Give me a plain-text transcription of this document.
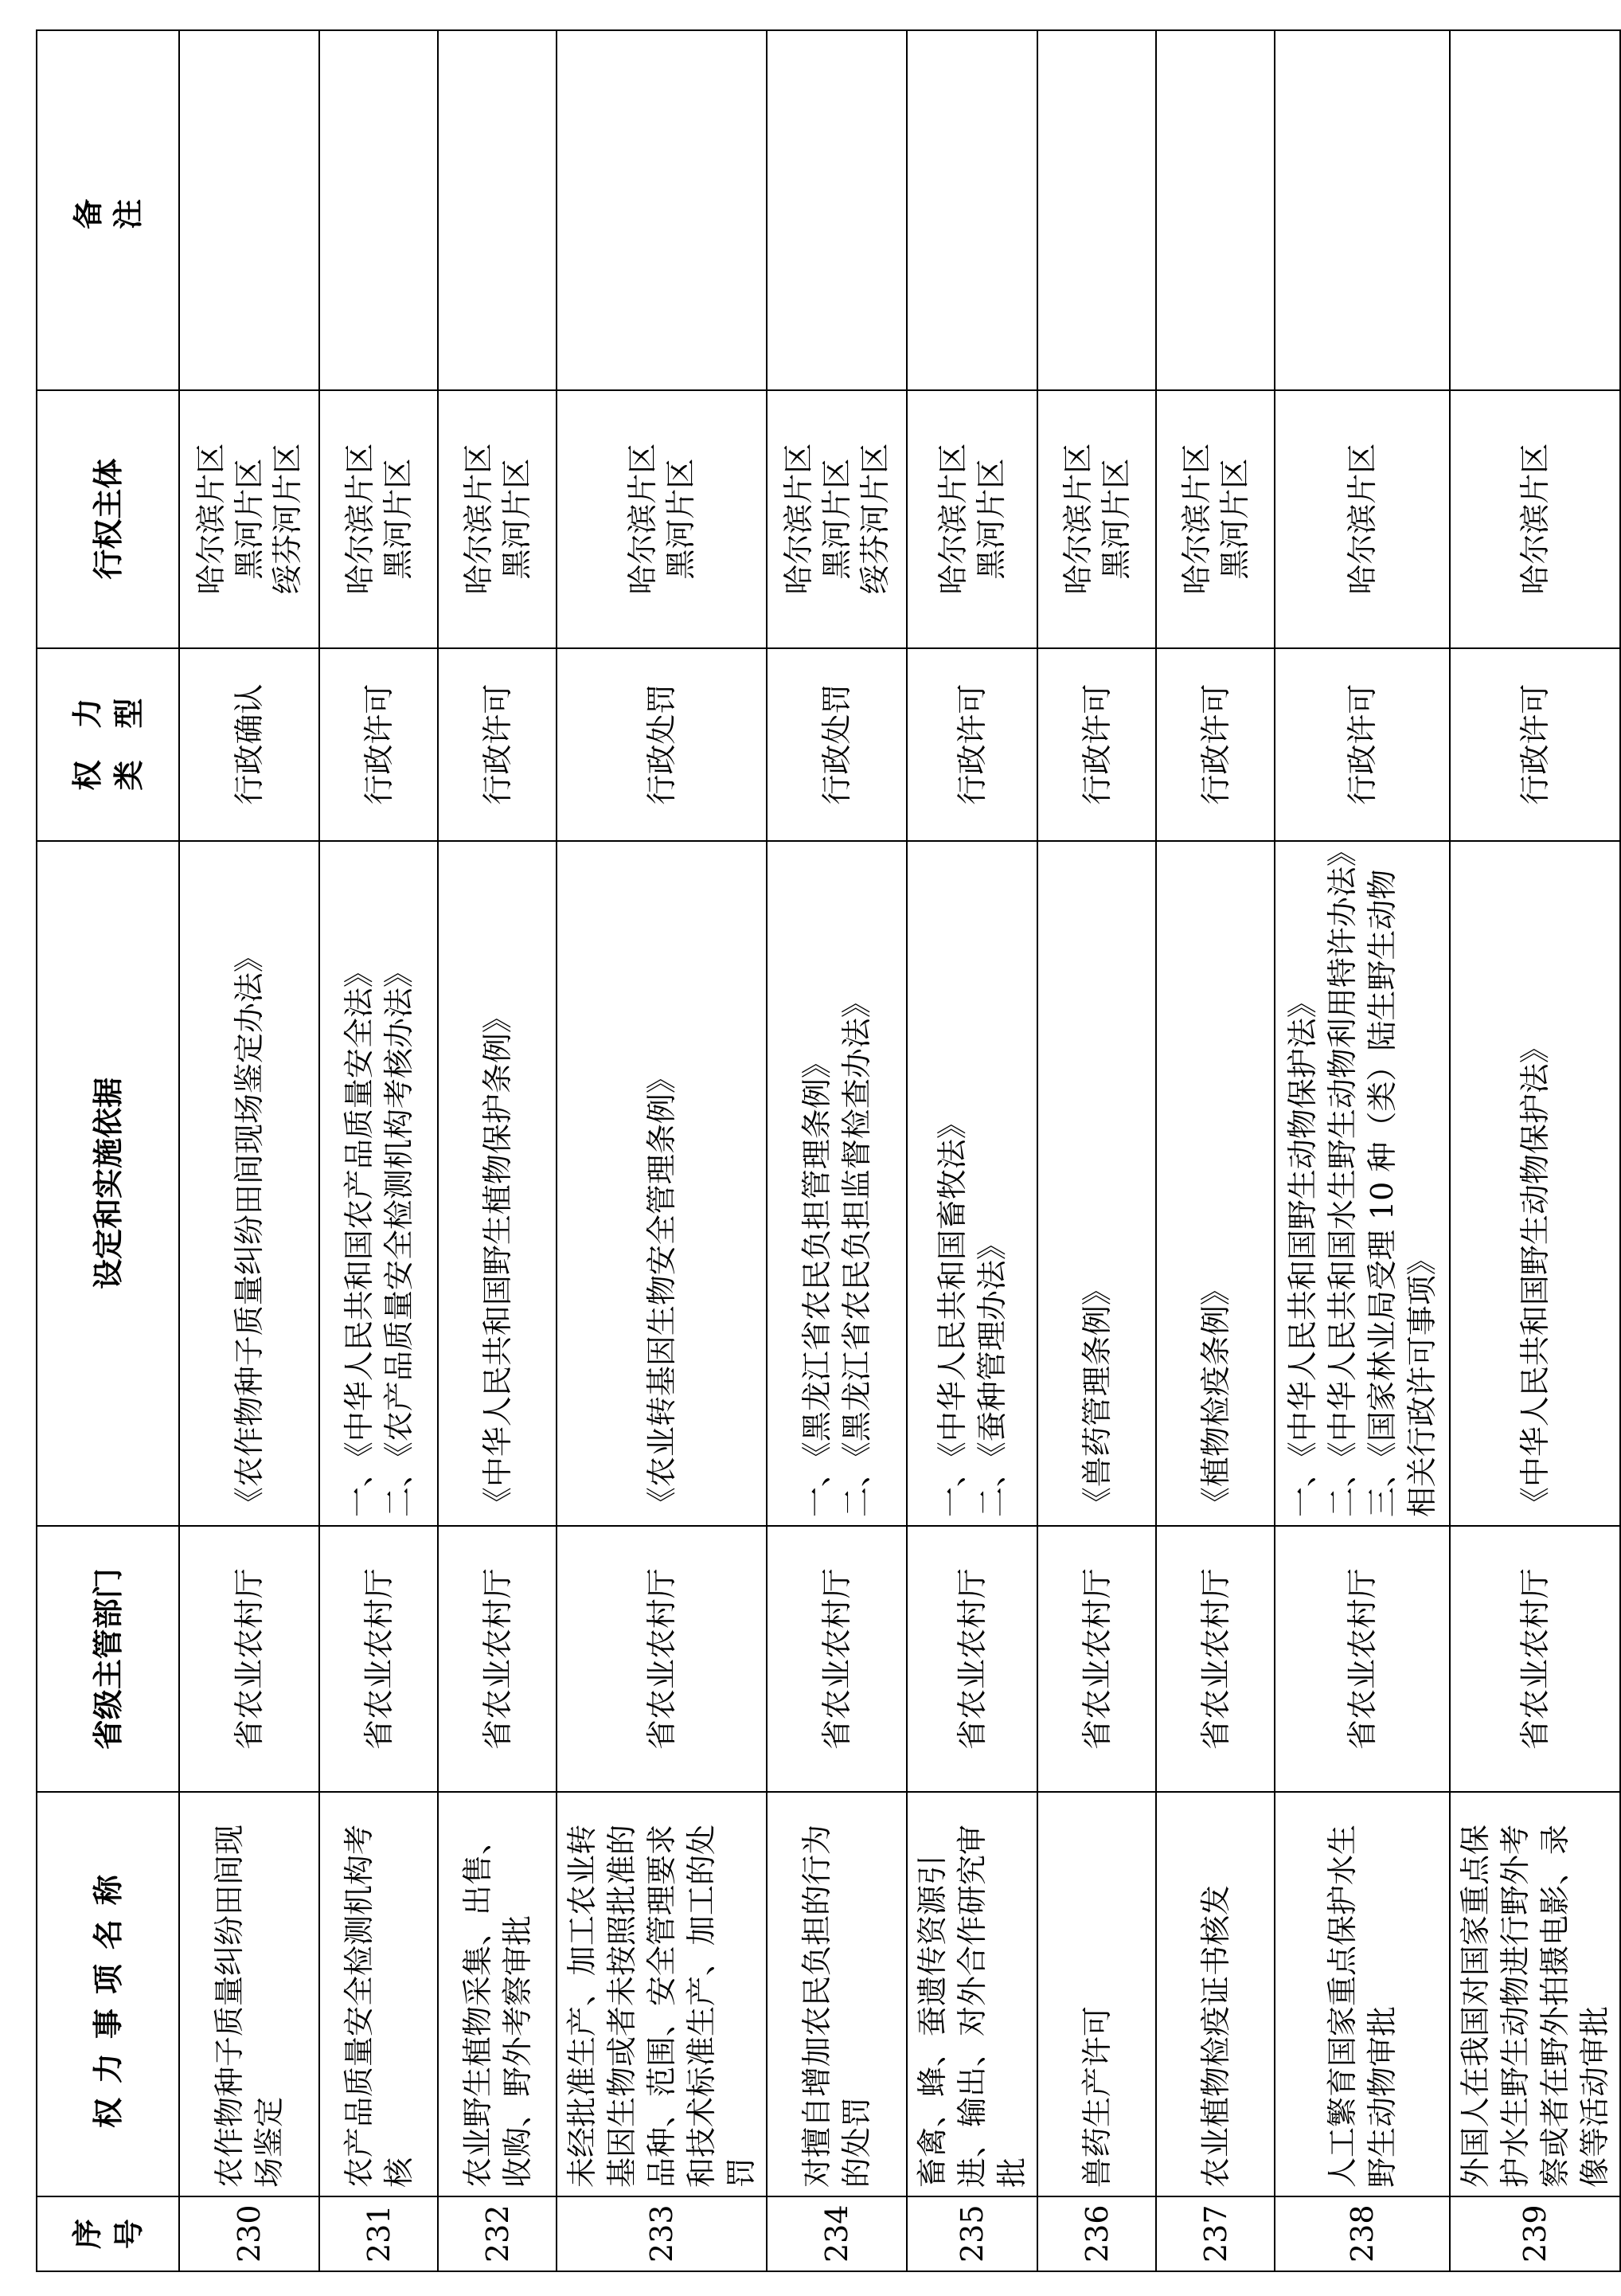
序 号	权力事项名称	省级主管部门	设定和实施依据	权力 类型	行权主体	备注
230	农作物种子质量纠纷田间现场鉴定	省农业农村厅	《农作物种子质量纠纷田间现场鉴定办法》	行政确认	哈尔滨片区 黑河片区 绥芬河片区	

231	农产品质量安全检测机构考核	省农业农村厅	一、《中华人民共和国农产品质量安全法》 二、《农产品质量安全检测机构考核办法》	行政许可	哈尔滨片区 黑河片区	

232	农业野生植物采集、出售、收购、野外考察审批	省农业农村厅	《中华人民共和国野生植物保护条例》	行政许可	哈尔滨片区 黑河片区	

233	未经批准生产、加工农业转基因生物或者未按照批准的品种、范围、安全管理要求和技术标准生产、加工的处罚	省农业农村厅	《农业转基因生物安全管理条例》	行政处罚	哈尔滨片区 黑河片区	

234	对擅自增加农民负担的行为的处罚	省农业农村厅	一、《黑龙江省农民负担管理条例》 二、《黑龙江省农民负担监督检查办法》	行政处罚	哈尔滨片区 黑河片区 绥芬河片区	

235	畜禽、蜂、蚕遗传资源引进、输出、对外合作研究审批	省农业农村厅	一、《中华人民共和国畜牧法》 二、《蚕种管理办法》	行政许可	哈尔滨片区 黑河片区	

236	兽药生产许可	省农业农村厅	《兽药管理条例》	行政许可	哈尔滨片区 黑河片区	

237	农业植物检疫证书核发	省农业农村厅	《植物检疫条例》	行政许可	哈尔滨片区 黑河片区	

238	人工繁育国家重点保护水生野生动物审批	省农业农村厅	一、《中华人民共和国野生动物保护法》 二、《中华人民共和国水生野生动物利用特许办法》 三、《国家林业局受理 10 种（类）陆生野生动物相关行政许可事项》	行政许可	哈尔滨片区	

239	外国人在我国对国家重点保护水生野生动物进行野外考察或者在野外拍摄电影、录像等活动审批	省农业农村厅	《中华人民共和国野生动物保护法》	行政许可	哈尔滨片区	
